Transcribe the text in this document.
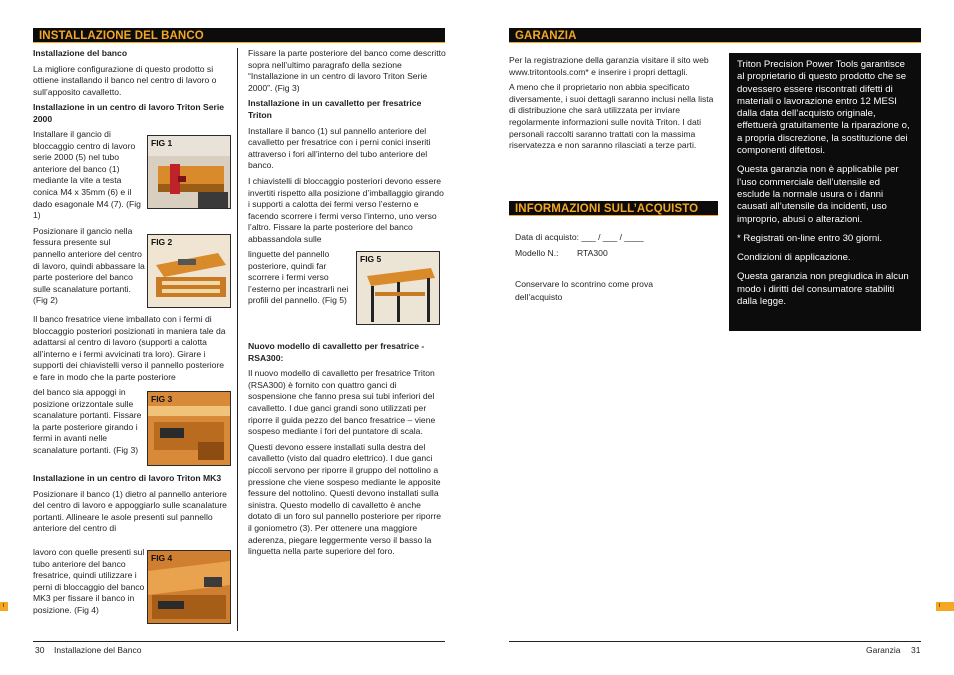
INSTALLAZIONE DEL BANCO

Installazione del banco

La migliore configurazione di questo prodotto si ottiene installando il banco nel centro di lavoro o sull’apposito cavalletto.

Installazione in un centro di lavoro Triton Serie 2000

Installare il gancio di bloccaggio centro di lavoro serie 2000 (5) nel tubo anteriore del banco (1) mediante la vite a testa conica M4 x 35mm (6) e il dado esagonale M4 (7). (Fig 1)

Posizionare il gancio nella fessura presente sul pannello anteriore del centro di lavoro, quindi abbassare la parte posteriore del banco sulle scanalature portanti. (Fig 2)

Il banco fresatrice viene imballato con i fermi di bloccaggio posteriori posizionati in maniera tale da adattarsi al centro di lavoro (supporti a calotta all’interno e i fermi avvicinati tra loro). Girare i supporti dei chiavistelli verso il pannello posteriore e fare in modo che la parte posteriore

del banco sia appoggi in posizione orizzontale sulle scanalature portanti. Fissare la parte posteriore girando i fermi in avanti nelle scanalature portanti. (Fig 3)

Installazione in un centro di lavoro Triton MK3

Posizionare il banco (1) dietro al pannello anteriore del centro di lavoro e appoggiarlo sulle scanalature portanti. Allineare le asole presenti sul pannello anteriore del centro di

lavoro con quelle presenti sul tubo anteriore del banco fresatrice, quindi utilizzare i perni di bloccaggio del banco MK3 per fissare il banco in posizione. (Fig 4)

FIG 1
FIG 2
FIG 3
FIG 4

Fissare la parte posteriore del banco come descritto sopra nell’ultimo paragrafo della sezione “Installazione in un centro di lavoro Triton Serie 2000”. (Fig 3)

Installazione in un cavalletto per fresatrice Triton

Installare il banco (1) sul pannello anteriore del cavalletto per fresatrice con i perni conici inseriti attraverso i fori all’interno del tubo anteriore del banco.

I chiavistelli di bloccaggio posteriori devono essere invertiti rispetto alla posizione d’imballaggio girando i supporti a calotta dei fermi verso l’esterno e facendo scorrere i fermi verso l’interno, uno verso l’altro. Fissare la parte posteriore del banco abbassandola sulle

linguette del pannello posteriore, quindi far scorrere i fermi verso l’esterno per incastrarli nei profili del pannello. (Fig 5)

FIG 5

Nuovo modello di cavalletto per fresatrice - RSA300:

Il nuovo modello di cavalletto per fresatrice Triton (RSA300) è fornito con quattro ganci di sospensione che fanno presa sui tubi inferiori del cavalletto. I due ganci grandi sono utilizzati per riporre il guida pezzo del banco fresatrice – viene sospeso mediante i fori del puntatore di scala.

Questi devono essere installati sulla destra del cavalletto (visto dal quadro elettrico). I due ganci piccoli servono per riporre il gruppo del nottolino a pressione che viene sospeso mediante le apposite fessure del nottolino. Questi devono installati sulla sinistra. Questo modello di cavalletto è anche dotato di un foro sul pannello posteriore per riporre il goniometro (3). Per ottenere una maggiore aderenza, piegare leggermente verso il basso la linguetta nella parte superiore del foro.

30 Installazione del Banco
I
GARANZIA

Per la registrazione della garanzia visitare il sito web www.tritontools.com* e inserire i propri dettagli.

A meno che il proprietario non abbia specificato diversamente, i suoi dettagli saranno inclusi nella lista di distribuzione che sarà utilizzata per inviare regolarmente informazioni sulle novità Triton. I dati personali raccolti saranno trattati con la massima riservatezza e non saranno rilasciati a terze parti.

INFORMAZIONI SULL’ACQUISTO
Data di acquisto: ___ / ___ / ____
Modello N.: RTA300
Conservare lo scontrino come prova dell’acquisto

Triton Precision Power Tools garantisce al proprietario di questo prodotto che se dovessero essere riscontrati difetti di materiali o lavorazione entro 12 MESI dalla data dell’acquisto originale, effettuerà gratuitamente la riparazione o, a propria discrezione, la sostituzione dei componenti difettosi.

Questa garanzia non è applicabile per l’uso commerciale dell’utensile ed esclude la normale usura o i danni causati all’utensile da incidenti, uso improprio, abusi o alterazioni.

* Registrati on-line entro 30 giorni.

Condizioni di applicazione.

Questa garanzia non pregiudica in alcun modo i diritti del consumatore stabiliti dalla legge.

Garanzia 31
I
